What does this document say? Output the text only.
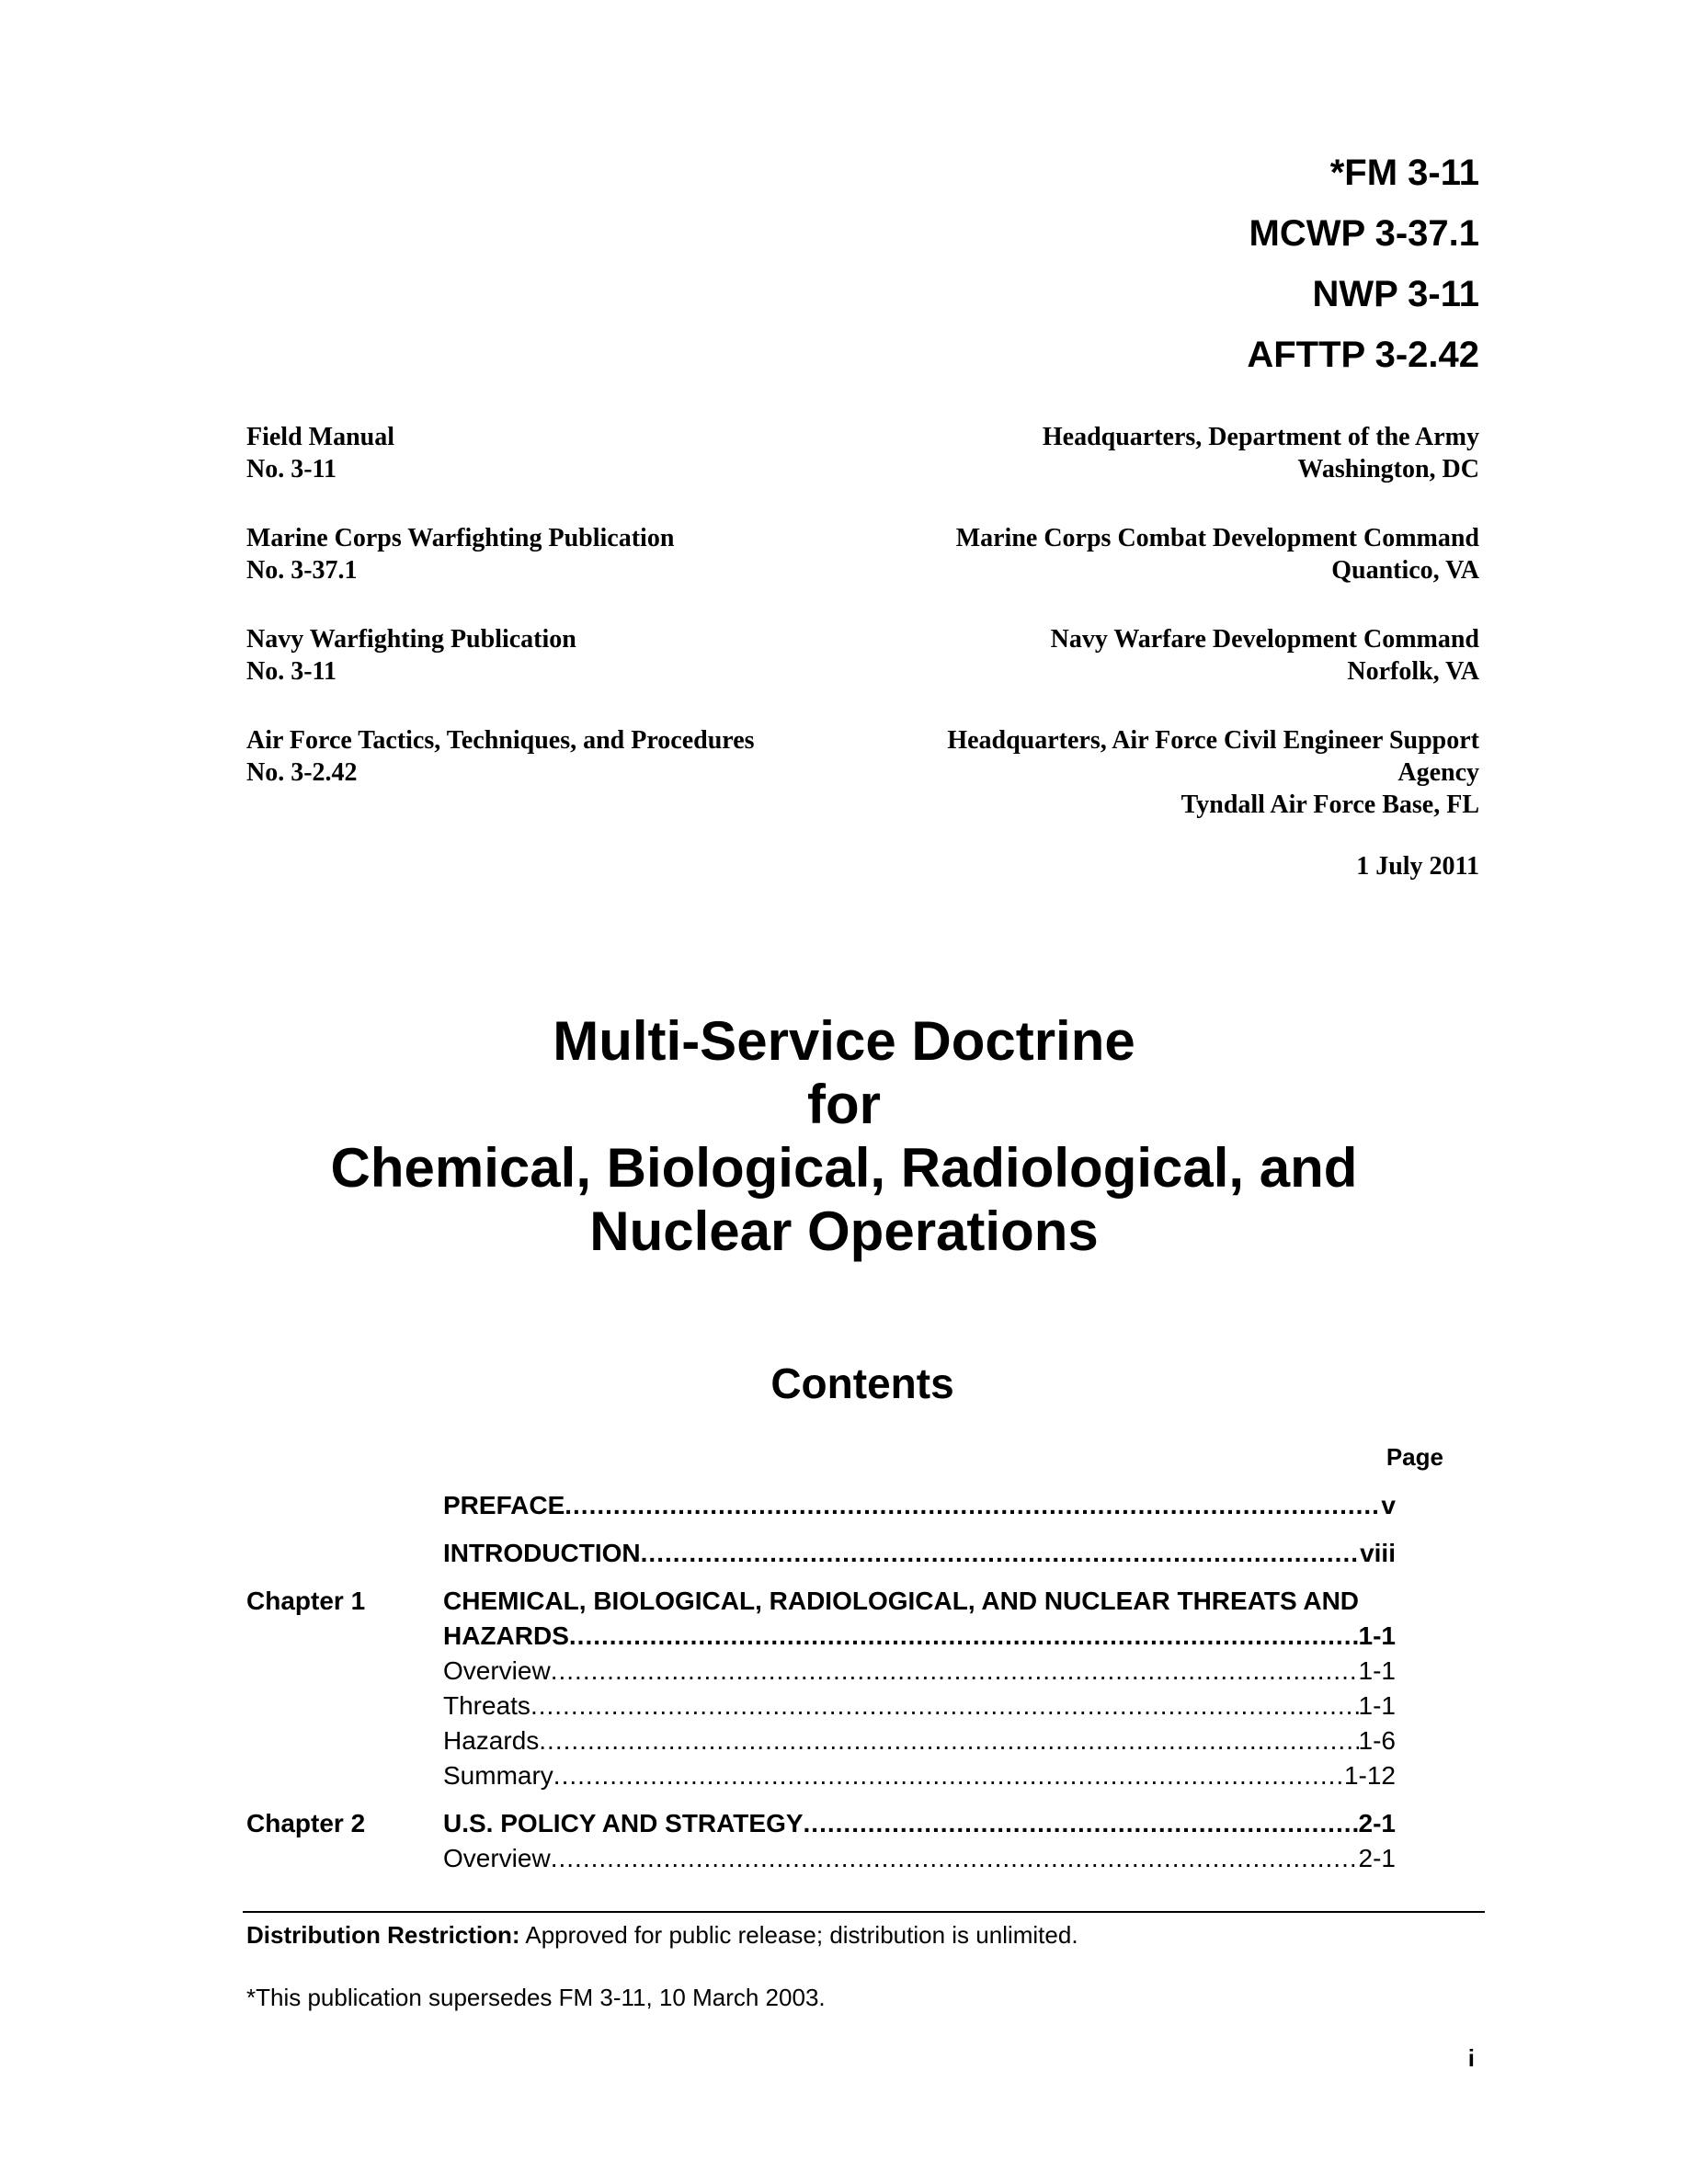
*FM 3-11
MCWP 3-37.1
NWP 3-11
AFTTP 3-2.42
Field Manual
No. 3-11
Headquarters, Department of the Army
Washington, DC
Marine Corps Warfighting Publication
No. 3-37.1
Marine Corps Combat Development Command
Quantico, VA
Navy Warfighting Publication
No. 3-11
Navy Warfare Development Command
Norfolk, VA
Air Force Tactics, Techniques, and Procedures
No. 3-2.42
Headquarters, Air Force Civil Engineer Support
Agency
Tyndall Air Force Base, FL
1 July 2011
Multi-Service Doctrine
for
Chemical, Biological, Radiological, and
Nuclear Operations
Contents
Page
PREFACE .....	v
INTRODUCTION .....	viii
Chapter 1	CHEMICAL, BIOLOGICAL, RADIOLOGICAL, AND NUCLEAR THREATS AND
HAZARDS .....	1-1
Overview .....	1-1
Threats .....	1-1
Hazards .....	1-6
Summary .....	1-12
Chapter 2	U.S. POLICY AND STRATEGY .....	2-1
Overview .....	2-1
Distribution Restriction: Approved for public release; distribution is unlimited.
*This publication supersedes FM 3-11, 10 March 2003.
i
